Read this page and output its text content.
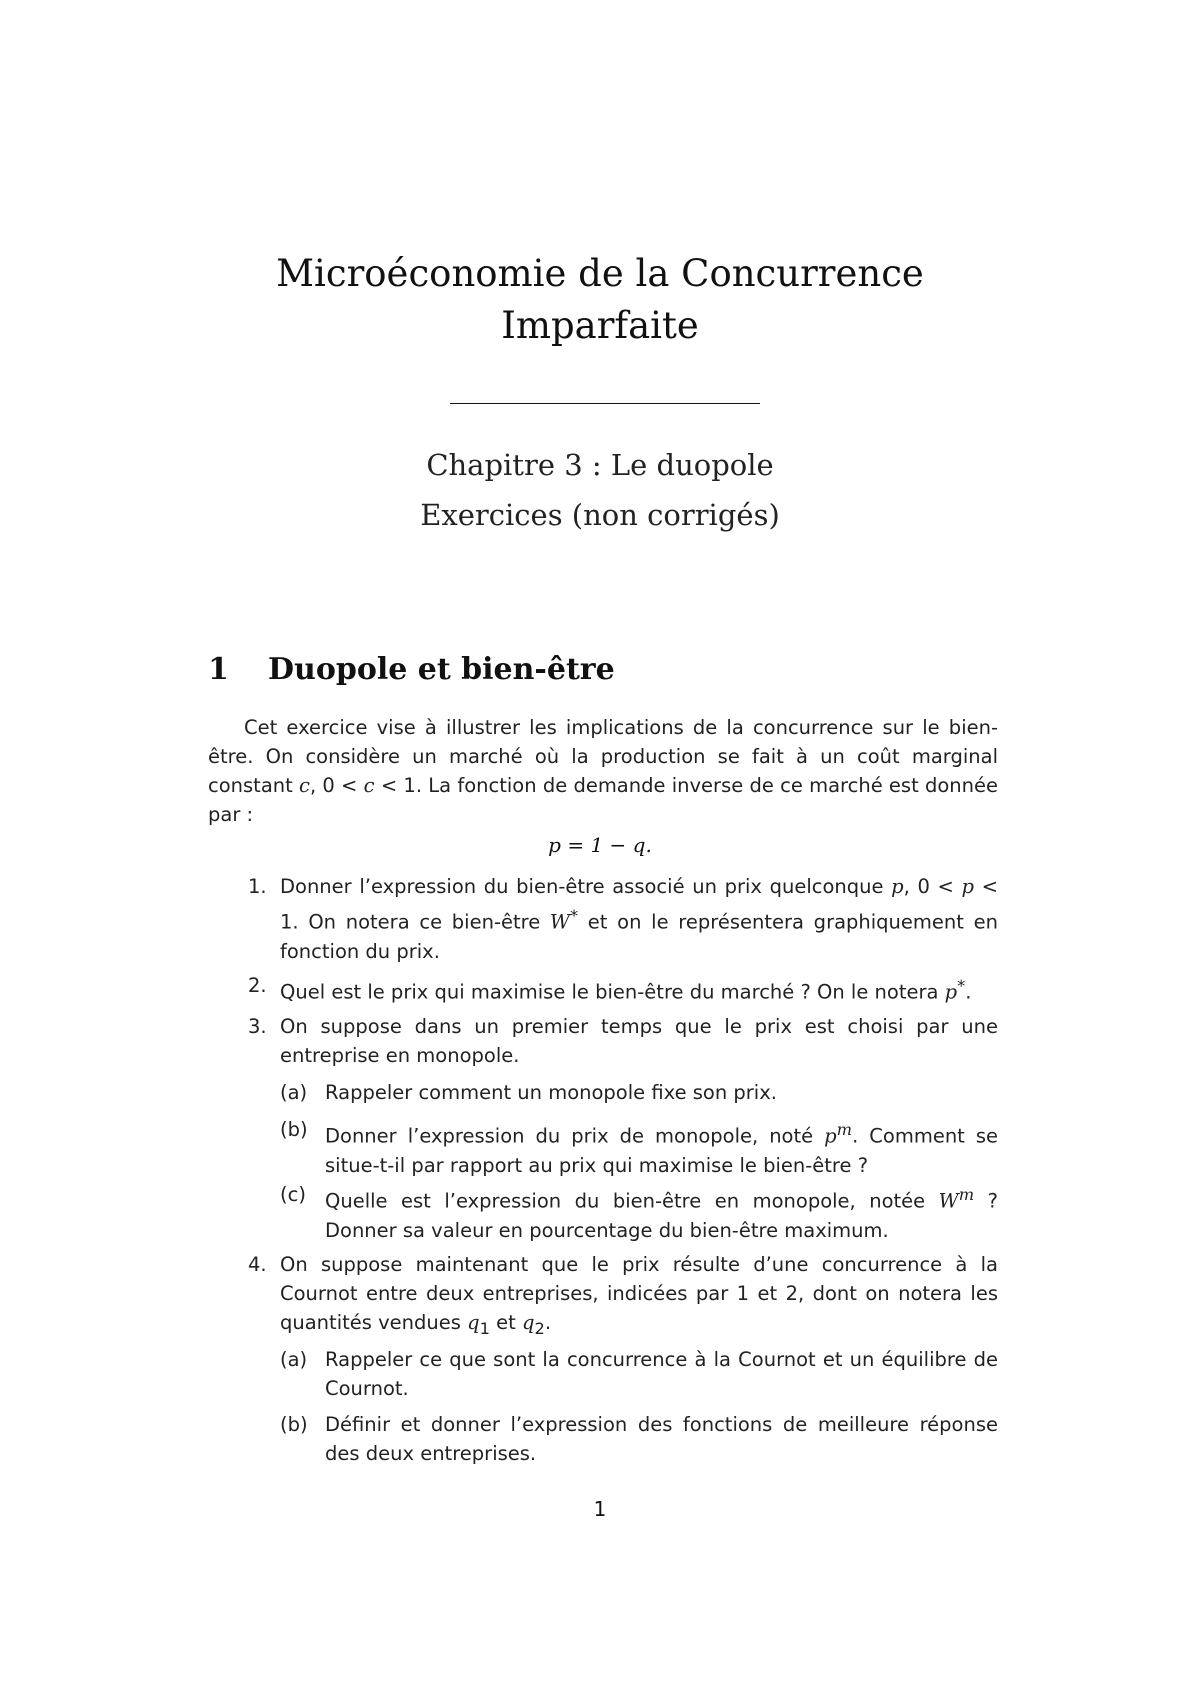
Microéconomie de la Concurrence
Imparfaite
Chapitre 3 : Le duopole
Exercices (non corrigés)
1 Duopole et bien-être
Cet exercice vise à illustrer les implications de la concurrence sur le bien-être. On considère un marché où la production se fait à un coût marginal constant c, 0 < c < 1. La fonction de demande inverse de ce marché est donnée par :
p = 1 − q.
1. Donner l’expression du bien-être associé un prix quelconque p, 0 < p < 1. On notera ce bien-être W* et on le représentera graphiquement en fonction du prix.
2. Quel est le prix qui maximise le bien-être du marché ? On le notera p*.
3. On suppose dans un premier temps que le prix est choisi par une entreprise en monopole.
(a) Rappeler comment un monopole fixe son prix.
(b) Donner l’expression du prix de monopole, noté $p^m$. Comment se situe-t-il par rapport au prix qui maximise le bien-être ?
(c) Quelle est l’expression du bien-être en monopole, notée $W^m$ ? Donner sa valeur en pourcentage du bien-être maximum.
4. On suppose maintenant que le prix résulte d’une concurrence à la Cournot entre deux entreprises, indicées par 1 et 2, dont on notera les quantités vendues $q_1$ et $q_2$.
(a) Rappeler ce que sont la concurrence à la Cournot et un équilibre de Cournot.
(b) Définir et donner l’expression des fonctions de meilleure réponse des deux entreprises.
1
